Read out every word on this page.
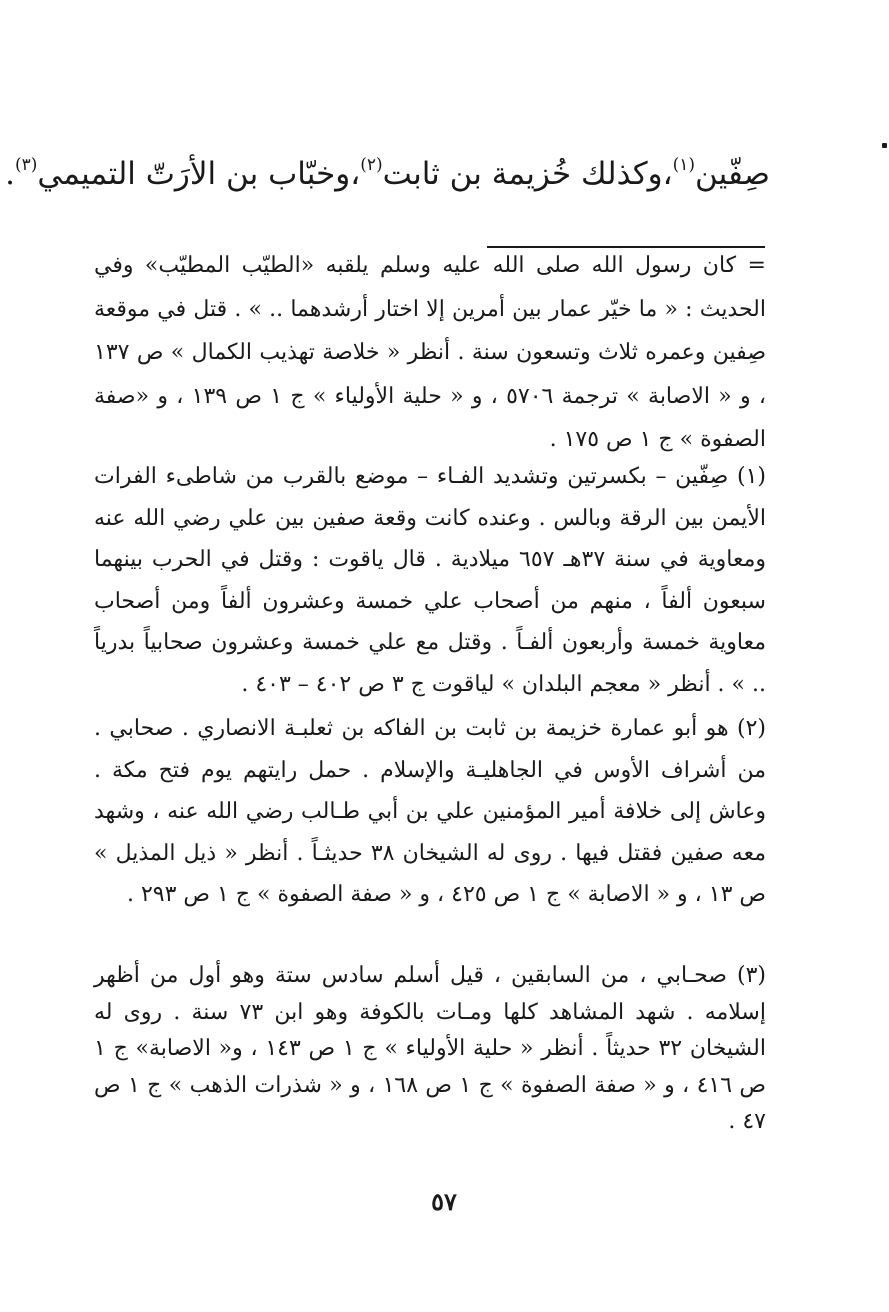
صِفّين$^{(١)}$،وكذلك خُزيمة بن ثابت$^{(٢)}$،وخبّاب بن الأرَتّ التميمي$^{(٣)}$.

= كان رسول الله صلى الله عليه وسلم يلقبه «الطيّب المطيّب» وفي الحديث : « ما خيّر عمار بين أمرين إلا اختار أرشدهما .. » . قتل في موقعة صِفين وعمره ثلاث وتسعون سنة . أنظر « خلاصة تهذيب الكمال » ص ١٣٧ ، و « الاصابة » ترجمة ٥٧٠٦ ، و « حلية الأولياء » ج ١ ص ١٣٩ ، و «صفة الصفوة » ج ١ ص ١٧٥ .

(١) صِفّين – بكسرتين وتشديد الفـاء – موضع بالقرب من شاطىء الفرات الأيمن بين الرقة وبالس . وعنده كانت وقعة صفين بين علي رضي الله عنه ومعاوية في سنة ٣٧هـ ٦٥٧ ميلادية . قال ياقوت : وقتل في الحرب بينهما سبعون ألفاً ، منهم من أصحاب علي خمسة وعشرون ألفاً ومن أصحاب معاوية خمسة وأربعون ألفـاً . وقتل مع علي خمسة وعشرون صحابياً بدرياً .. » . أنظر « معجم البلدان » لياقوت ج ٣ ص ٤٠٢ – ٤٠٣ .

(٢) هو أبو عمارة خزيمة بن ثابت بن الفاكه بن ثعلبـة الانصاري . صحابي . من أشراف الأوس في الجاهليـة والإسلام . حمل رايتهم يوم فتح مكة . وعاش إلى خلافة أمير المؤمنين علي بن أبي طـالب رضي الله عنه ، وشهد معه صفين فقتل فيها . روى له الشيخان ٣٨ حديثـاً . أنظر « ذيل المذيل » ص ١٣ ، و « الاصابة » ج ١ ص ٤٢٥ ، و « صفة الصفوة » ج ١ ص ٢٩٣ .

(٣) صحـابي ، من السابقين ، قيل أسلم سادس ستة وهو أول من أظهر إسلامه . شهد المشاهد كلها ومـات بالكوفة وهو ابن ٧٣ سنة . روى له الشيخان ٣٢ حديثاً . أنظر « حلية الأولياء » ج ١ ص ١٤٣ ، و« الاصابة» ج ١ ص ٤١٦ ، و « صفة الصفوة » ج ١ ص ١٦٨ ، و « شذرات الذهب » ج ١ ص ٤٧ .

٥٧
